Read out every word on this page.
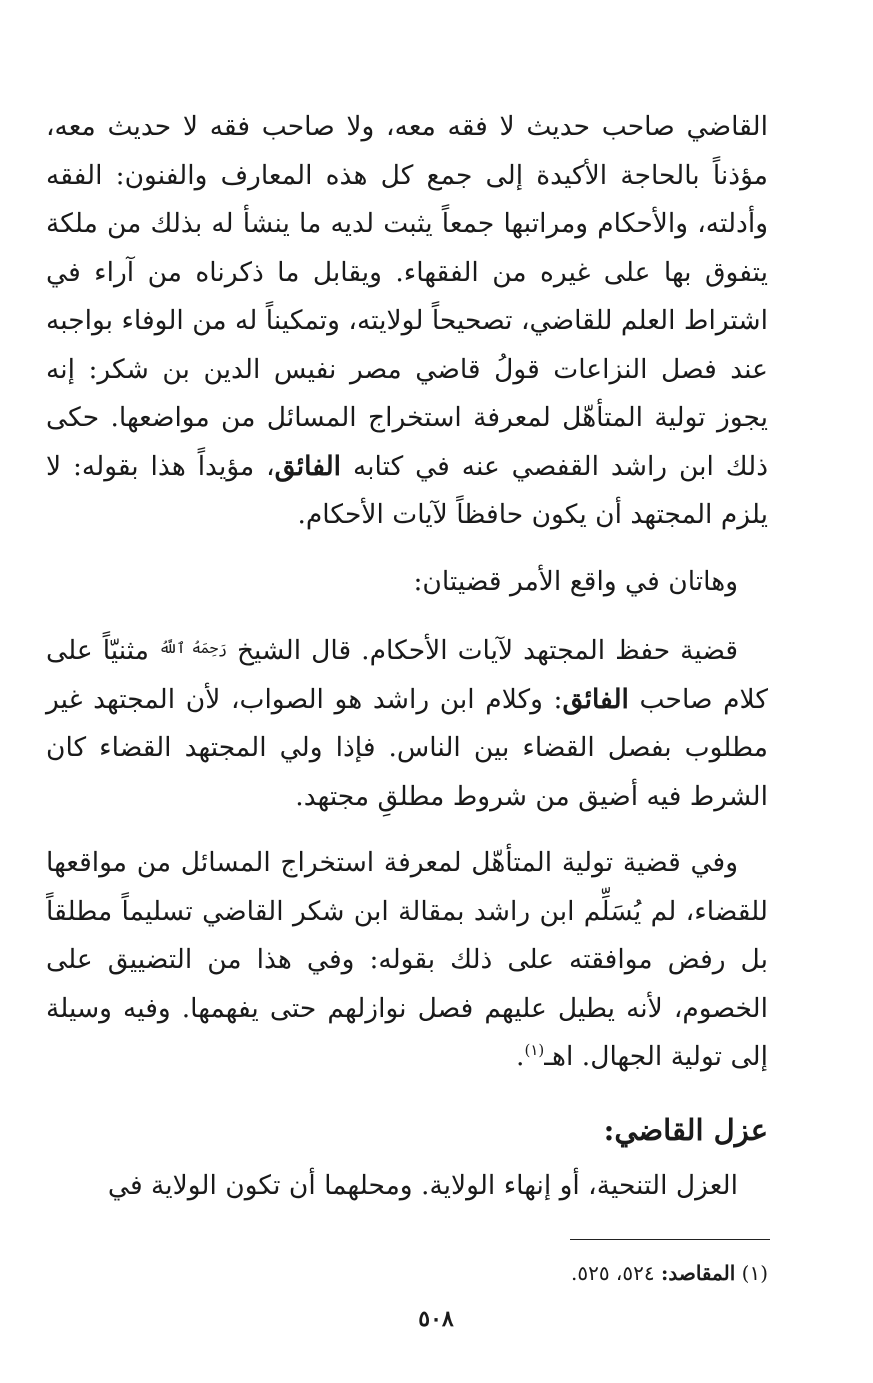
القاضي صاحب حديث لا فقه معه، ولا صاحب فقه لا حديث معه، مؤذناً بالحاجة الأكيدة إلى جمع كل هذه المعارف والفنون: الفقه وأدلته، والأحكام ومراتبها جمعاً يثبت لديه ما ينشأ له بذلك من ملكة يتفوق بها على غيره من الفقهاء. ويقابل ما ذكرناه من آراء في اشتراط العلم للقاضي، تصحيحاً لولايته، وتمكيناً له من الوفاء بواجبه عند فصل النزاعات قولُ قاضي مصر نفيس الدين بن شكر: إنه يجوز تولية المتأهّل لمعرفة استخراج المسائل من مواضعها. حكى ذلك ابن راشد القفصي عنه في كتابه الفائق، مؤيداً هذا بقوله: لا يلزم المجتهد أن يكون حافظاً لآيات الأحكام.

وهاتان في واقع الأمر قضيتان:

قضية حفظ المجتهد لآيات الأحكام. قال الشيخ $^{رَحِمَهُ ٱللَّهُ}$ مثنيّاً على كلام صاحب الفائق: وكلام ابن راشد هو الصواب، لأن المجتهد غير مطلوب بفصل القضاء بين الناس. فإذا ولي المجتهد القضاء كان الشرط فيه أضيق من شروط مطلقِ مجتهد.

وفي قضية تولية المتأهّل لمعرفة استخراج المسائل من مواقعها للقضاء، لم يُسَلِّم ابن راشد بمقالة ابن شكر القاضي تسليماً مطلقاً بل رفض موافقته على ذلك بقوله: وفي هذا من التضييق على الخصوم، لأنه يطيل عليهم فصل نوازلهم حتى يفهمها. وفيه وسيلة إلى تولية الجهال. اهـ$^{(١)}$.

عزل القاضي:

العزل التنحية، أو إنهاء الولاية. ومحلهما أن تكون الولاية في

(١) المقاصد: ٥٢٤، ٥٢٥.
٥٠٨
